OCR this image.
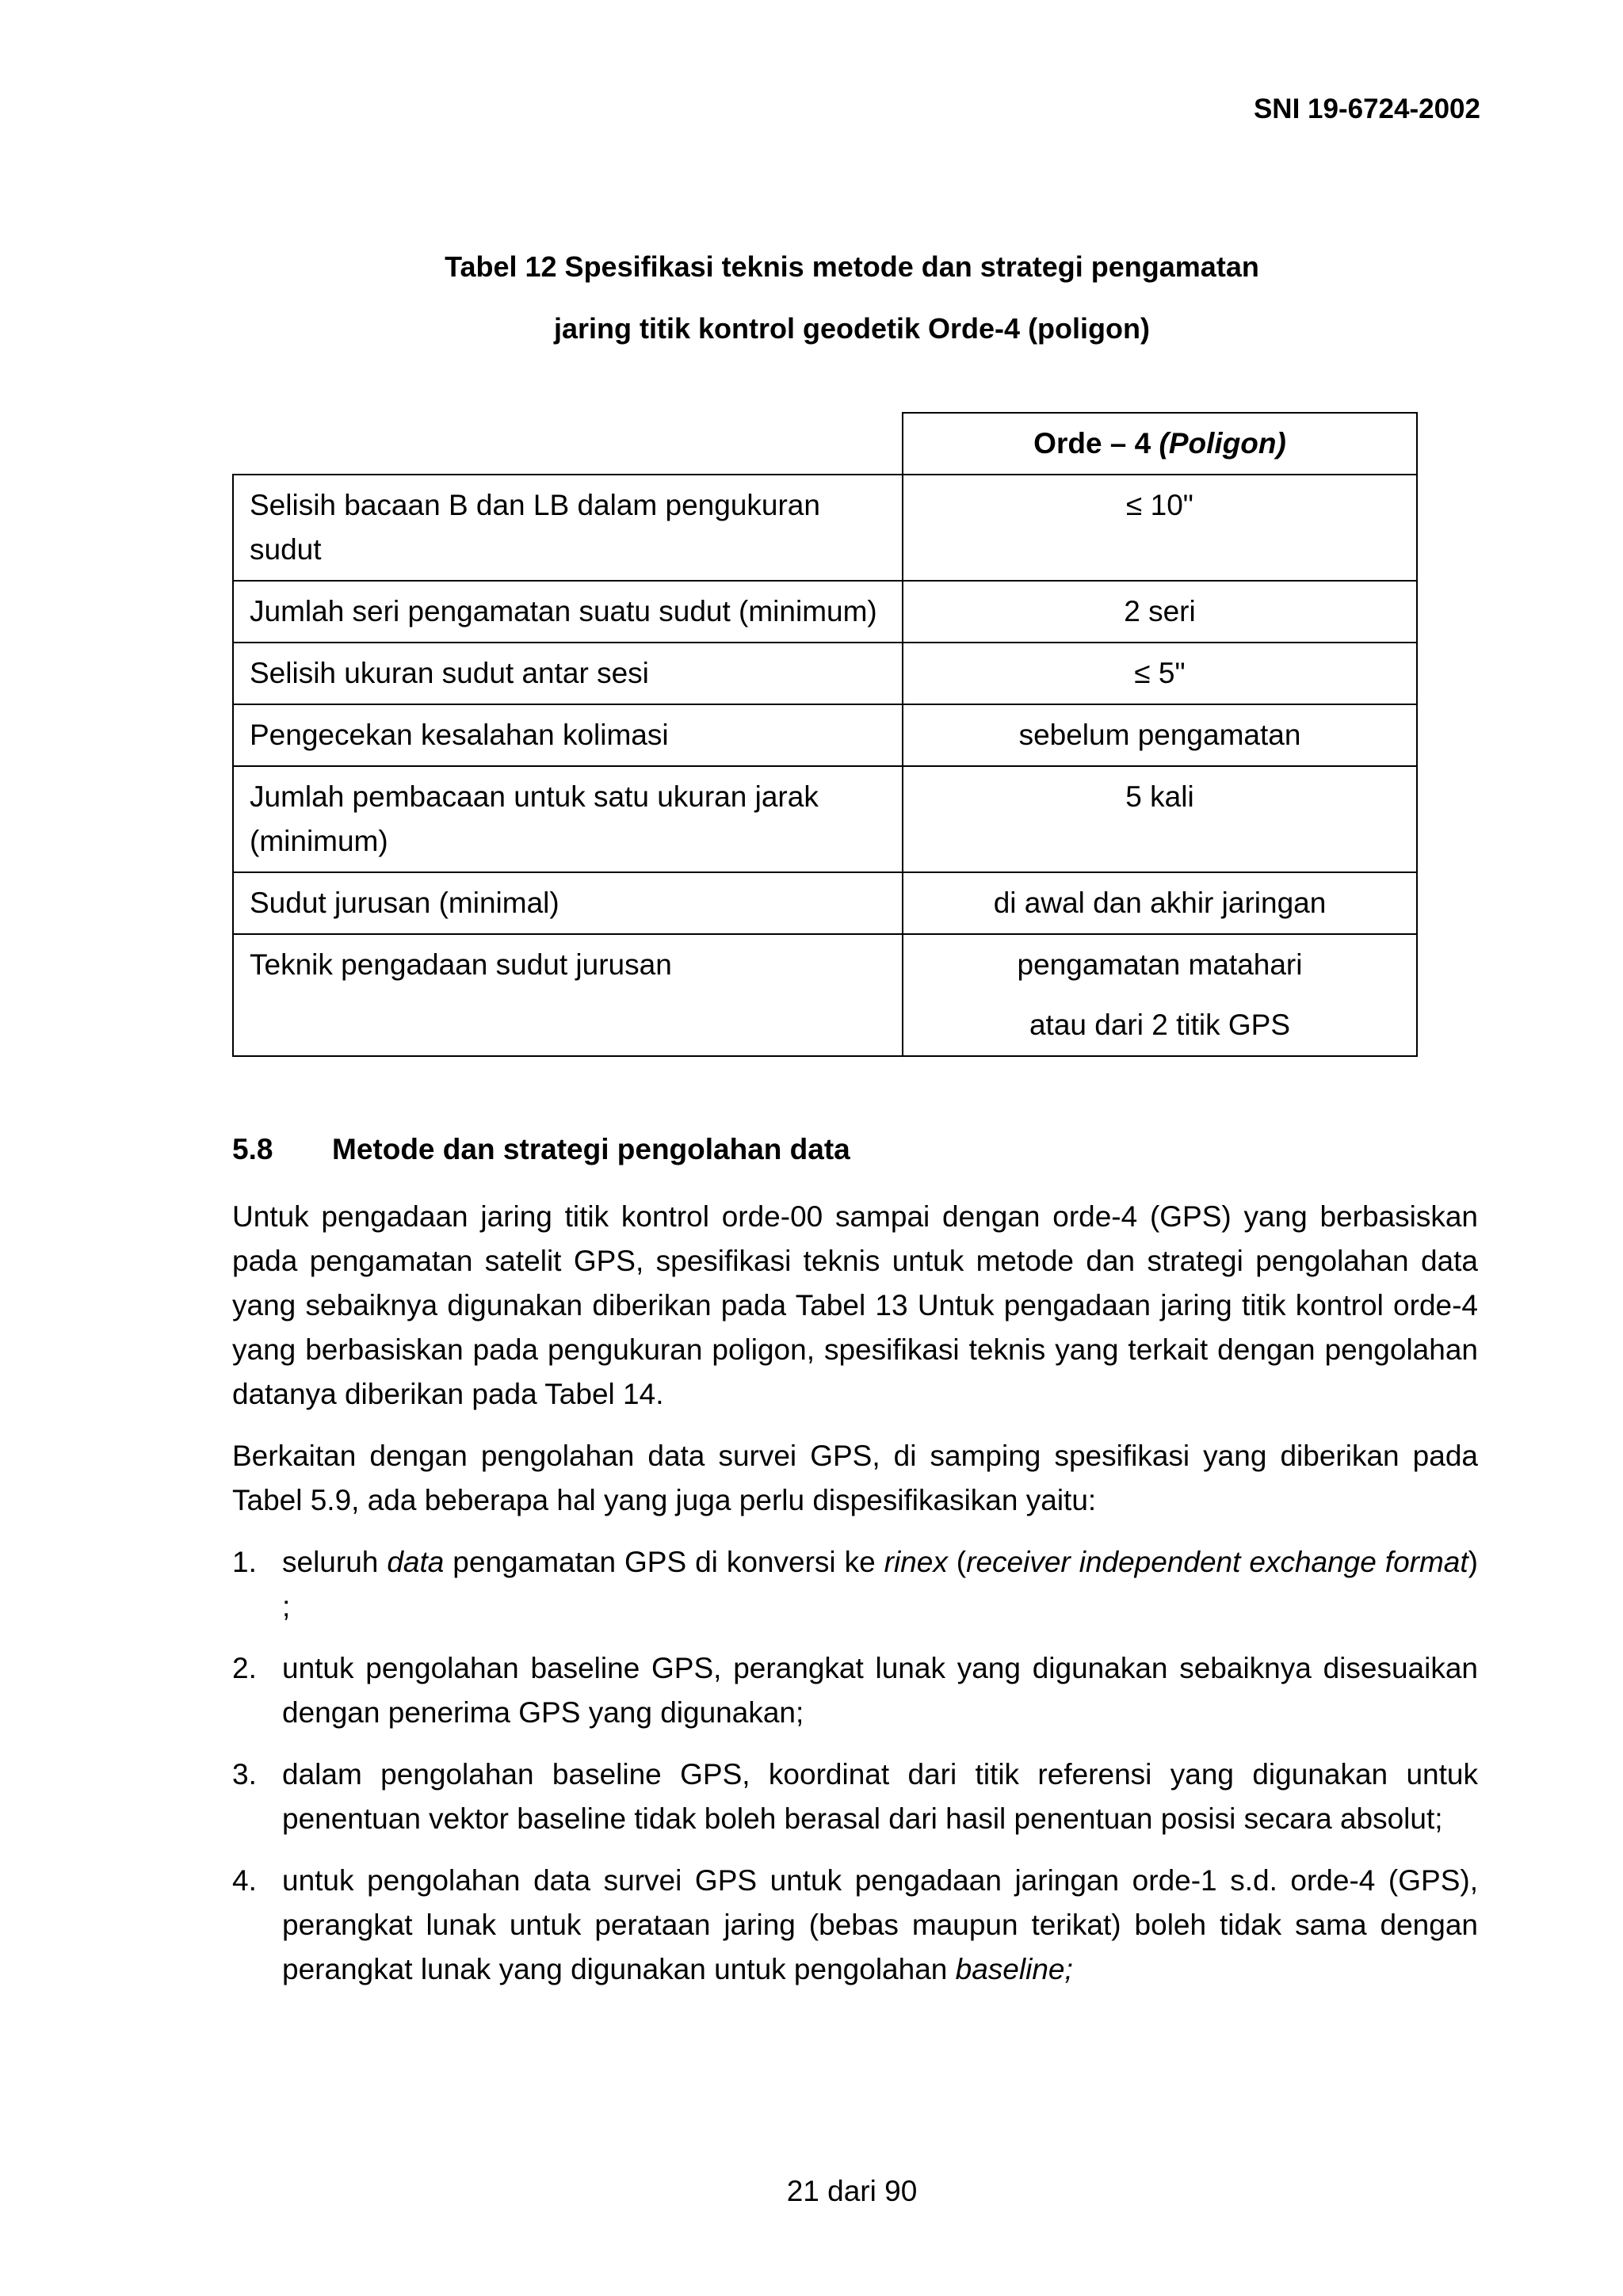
SNI 19-6724-2002
Tabel 12 Spesifikasi teknis metode dan strategi pengamatan
jaring titik kontrol geodetik Orde-4 (poligon)
	Orde – 4 (Poligon)
Selisih bacaan B dan LB dalam pengukuran sudut	≤ 10"
Jumlah seri pengamatan suatu sudut (minimum)	2 seri
Selisih ukuran sudut antar sesi	≤ 5"
Pengecekan kesalahan kolimasi	sebelum pengamatan
Jumlah pembacaan untuk satu ukuran jarak (minimum)	5 kali
Sudut jurusan (minimal)	di awal dan akhir jaringan
Teknik pengadaan sudut jurusan	pengamatan matahari
atau dari 2 titik GPS
5.8 Metode dan strategi pengolahan data

Untuk pengadaan jaring titik kontrol orde-00 sampai dengan orde-4 (GPS) yang berbasiskan pada pengamatan satelit GPS, spesifikasi teknis untuk metode dan strategi pengolahan data yang sebaiknya digunakan diberikan pada Tabel 13 Untuk pengadaan jaring titik kontrol orde-4 yang berbasiskan pada pengukuran poligon, spesifikasi teknis yang terkait dengan pengolahan datanya diberikan pada Tabel 14.

Berkaitan dengan pengolahan data survei GPS, di samping spesifikasi yang diberikan pada Tabel 5.9, ada beberapa hal yang juga perlu dispesifikasikan yaitu:

1. seluruh data pengamatan GPS di konversi ke rinex (receiver independent exchange format) ;
2. untuk pengolahan baseline GPS, perangkat lunak yang digunakan sebaiknya disesuaikan dengan penerima GPS yang digunakan;
3. dalam pengolahan baseline GPS, koordinat dari titik referensi yang digunakan untuk penentuan vektor baseline tidak boleh berasal dari hasil penentuan posisi secara absolut;
4. untuk pengolahan data survei GPS untuk pengadaan jaringan orde-1 s.d. orde-4 (GPS), perangkat lunak untuk perataan jaring (bebas maupun terikat) boleh tidak sama dengan perangkat lunak yang digunakan untuk pengolahan baseline;
21 dari 90
